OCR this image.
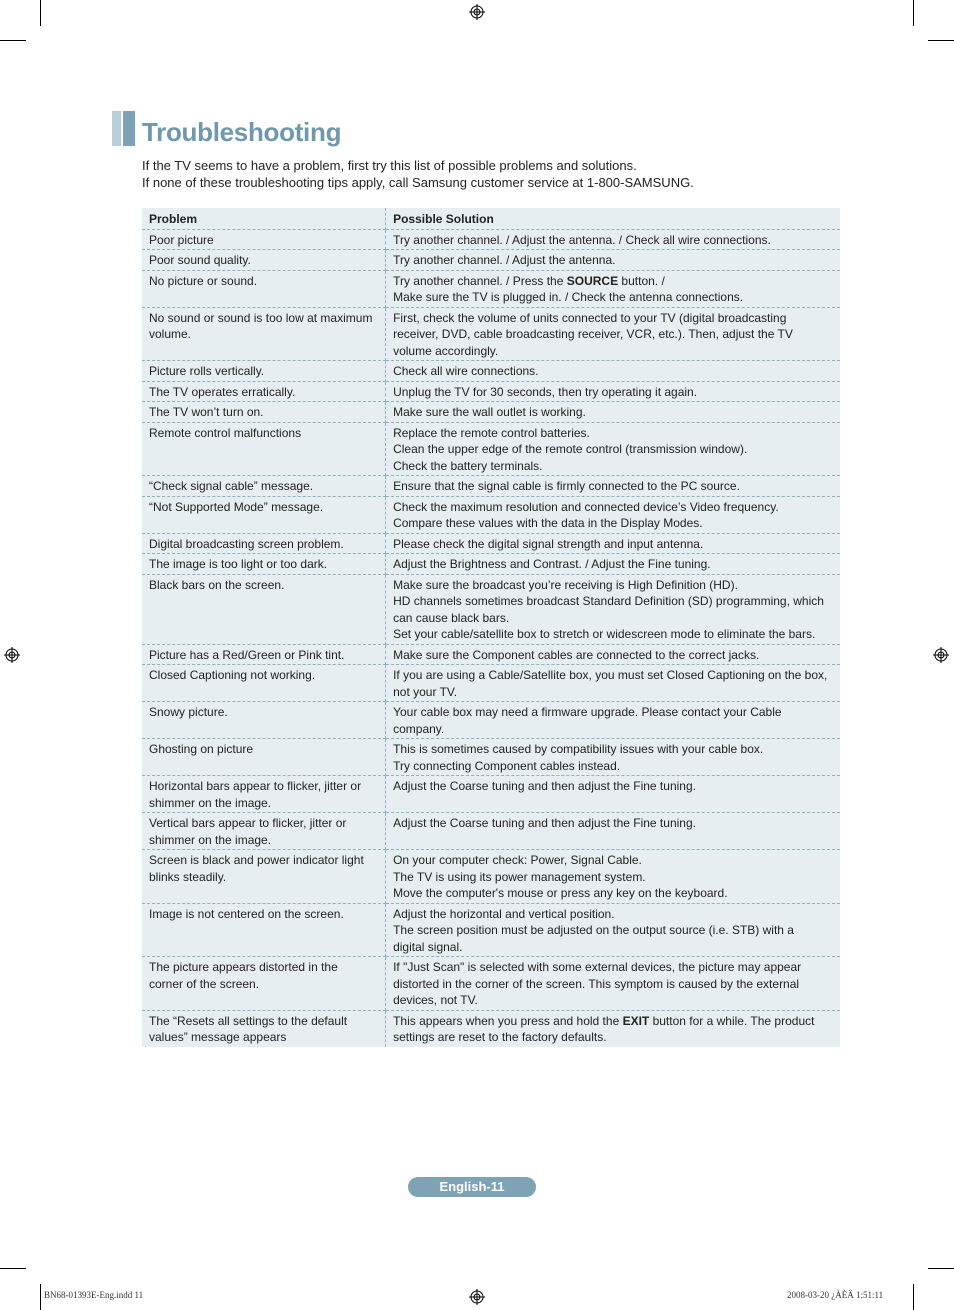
Troubleshooting
If the TV seems to have a problem, first try this list of possible problems and solutions.
If none of these troubleshooting tips apply, call Samsung customer service at 1-800-SAMSUNG.
Problem	Possible Solution

Poor picture	Try another channel. / Adjust the antenna. / Check all wire connections.

Poor sound quality.	Try another channel. / Adjust the antenna.

No picture or sound.	Try another channel. / Press the SOURCE button. /
Make sure the TV is plugged in. / Check the antenna connections.

No sound or sound is too low at maximum
volume.	First, check the volume of units connected to your TV (digital broadcasting
receiver, DVD, cable broadcasting receiver, VCR, etc.). Then, adjust the TV
volume accordingly.

Picture rolls vertically.	Check all wire connections.

The TV operates erratically.	Unplug the TV for 30 seconds, then try operating it again.

The TV won’t turn on.	Make sure the wall outlet is working.

Remote control malfunctions	Replace the remote control batteries.
Clean the upper edge of the remote control (transmission window).
Check the battery terminals.

“Check signal cable” message.	Ensure that the signal cable is firmly connected to the PC source.

“Not Supported Mode” message.	Check the maximum resolution and connected device’s Video frequency.
Compare these values with the data in the Display Modes.

Digital broadcasting screen problem.	Please check the digital signal strength and input antenna.

The image is too light or too dark.	Adjust the Brightness and Contrast. / Adjust the Fine tuning.

Black bars on the screen.	Make sure the broadcast you’re receiving is High Definition (HD).
HD channels sometimes broadcast Standard Definition (SD) programming, which
can cause black bars.
Set your cable/satellite box to stretch or widescreen mode to eliminate the bars.

Picture has a Red/Green or Pink tint.	Make sure the Component cables are connected to the correct jacks.

Closed Captioning not working.	If you are using a Cable/Satellite box, you must set Closed Captioning on the box,
not your TV.

Snowy picture.	Your cable box may need a firmware upgrade. Please contact your Cable
company.

Ghosting on picture	This is sometimes caused by compatibility issues with your cable box.
Try connecting Component cables instead.

Horizontal bars appear to flicker, jitter or
shimmer on the image.	Adjust the Coarse tuning and then adjust the Fine tuning.

Vertical bars appear to flicker, jitter or
shimmer on the image.	Adjust the Coarse tuning and then adjust the Fine tuning.

Screen is black and power indicator light
blinks steadily.	On your computer check: Power, Signal Cable.
The TV is using its power management system.
Move the computer's mouse or press any key on the keyboard.

Image is not centered on the screen.	Adjust the horizontal and vertical position.
The screen position must be adjusted on the output source (i.e. STB) with a
digital signal.

The picture appears distorted in the
corner of the screen.	If "Just Scan" is selected with some external devices, the picture may appear
distorted in the corner of the screen. This symptom is caused by the external
devices, not TV.

The “Resets all settings to the default
values” message appears	This appears when you press and hold the EXIT button for a while. The product
settings are reset to the factory defaults.
English-11
BN68-01393E-Eng.indd 11	2008-03-20 ¿ÀÈÄ 1:51:11
